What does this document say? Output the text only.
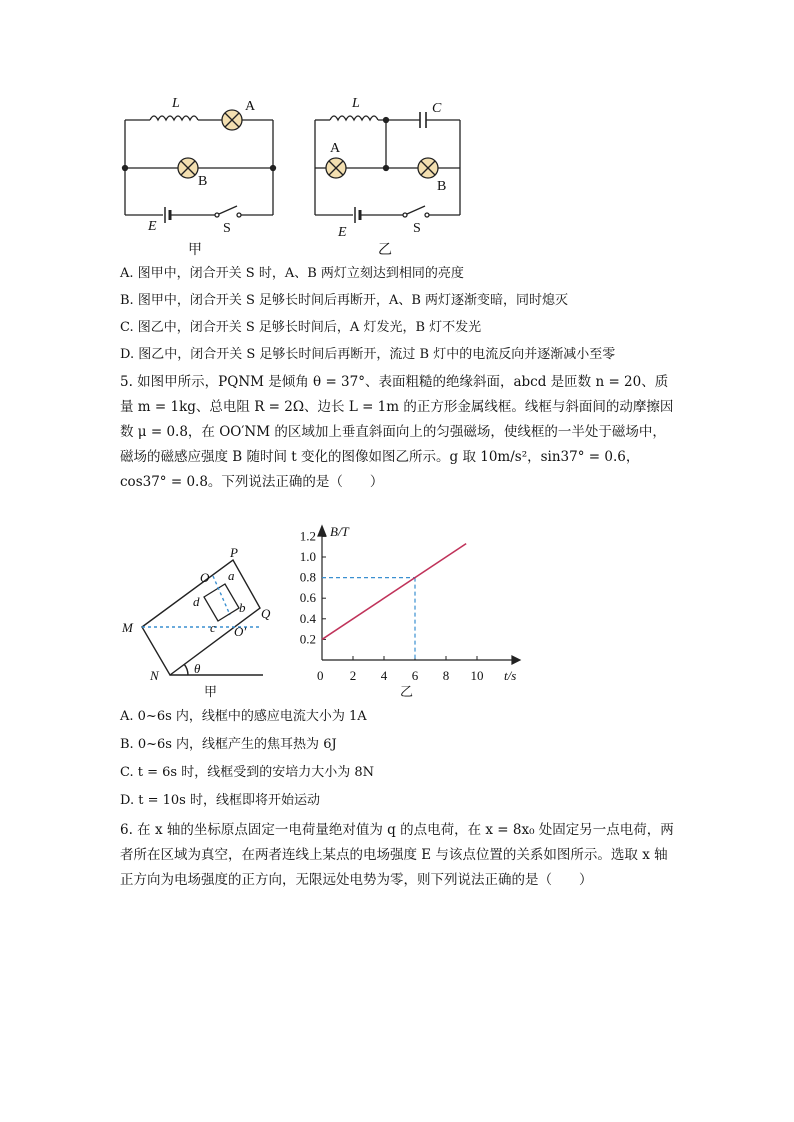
L	A
B
E	S
甲
L	C
A
B
E	S
乙
A. 图甲中，闭合开关 S 时，A、B 两灯立刻达到相同的亮度
B. 图甲中，闭合开关 S 足够长时间后再断开，A、B 两灯逐渐变暗，同时熄灭
C. 图乙中，闭合开关 S 足够长时间后，A 灯发光，B 灯不发光
D. 图乙中，闭合开关 S 足够长时间后再断开，流过 B 灯中的电流反向并逐渐减小至零
5. 如图甲所示，PQNM 是倾角 θ = 37°、表面粗糙的绝缘斜面，abcd 是匝数 n = 20、质
量 m = 1kg、总电阻 R = 2Ω、边长 L = 1m 的正方形金属线框。线框与斜面间的动摩擦因
数 μ = 0.8，在 OO′NM 的区域加上垂直斜面向上的匀强磁场，使线框的一半处于磁场中，
磁场的磁感应强度 B 随时间 t 变化的图像如图乙所示。g 取 10m/s²，sin37° = 0.6，
cos37° = 0.8。下列说法正确的是（　　）
P
Q
O a
d	b
c O′
M
N	θ
甲
2 4 6 8 10
0.2
0.4
0.6
0.8
1.0
1.2 B/T
t/s
0
乙
A. 0~6s 内，线框中的感应电流大小为 1A
B. 0~6s 内，线框产生的焦耳热为 6J
C. t = 6s 时，线框受到的安培力大小为 8N
D. t = 10s 时，线框即将开始运动
6. 在 x 轴的坐标原点固定一电荷量绝对值为 q 的点电荷，在 x = 8x₀ 处固定另一点电荷，两
者所在区域为真空，在两者连线上某点的电场强度 E 与该点位置的关系如图所示。选取 x 轴
正方向为电场强度的正方向，无限远处电势为零，则下列说法正确的是（　　）
